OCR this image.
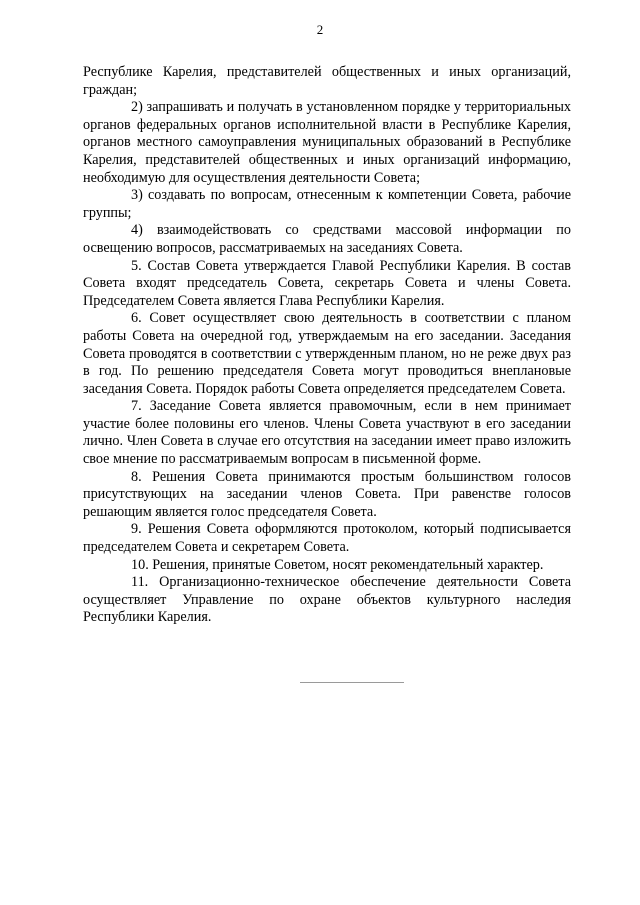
2

Республике Карелия, представителей общественных и иных организаций, граждан;

2) запрашивать и получать в установленном порядке у территориальных органов федеральных органов исполнительной власти в Республике Карелия, органов местного самоуправления муниципальных образований в Республике Карелия, представителей общественных и иных организаций информацию, необходимую для осуществления деятельности Совета;

3) создавать по вопросам, отнесенным к компетенции Совета, рабочие группы;

4) взаимодействовать со средствами массовой информации по освещению вопросов, рассматриваемых на заседаниях Совета.

5. Состав Совета утверждается Главой Республики Карелия. В состав Совета входят председатель Совета, секретарь Совета и члены Совета. Председателем Совета является Глава Республики Карелия.

6. Совет осуществляет свою деятельность в соответствии с планом работы Совета на очередной год, утверждаемым на его заседании. Заседания Совета проводятся в соответствии с утвержденным планом, но не реже двух раз в год. По решению председателя Совета могут проводиться внеплановые заседания Совета. Порядок работы Совета определяется председателем Совета.

7. Заседание Совета является правомочным, если в нем принимает участие более половины его членов. Члены Совета участвуют в его заседании лично. Член Совета в случае его отсутствия на заседании имеет право изложить свое мнение по рассматриваемым вопросам в письменной форме.

8. Решения Совета принимаются простым большинством голосов присутствующих на заседании членов Совета. При равенстве голосов решающим является голос председателя Совета.

9. Решения Совета оформляются протоколом, который подписывается председателем Совета и секретарем Совета.

10. Решения, принятые Советом, носят рекомендательный характер.

11. Организационно-техническое обеспечение деятельности Совета осуществляет Управление по охране объектов культурного наследия Республики Карелия.
